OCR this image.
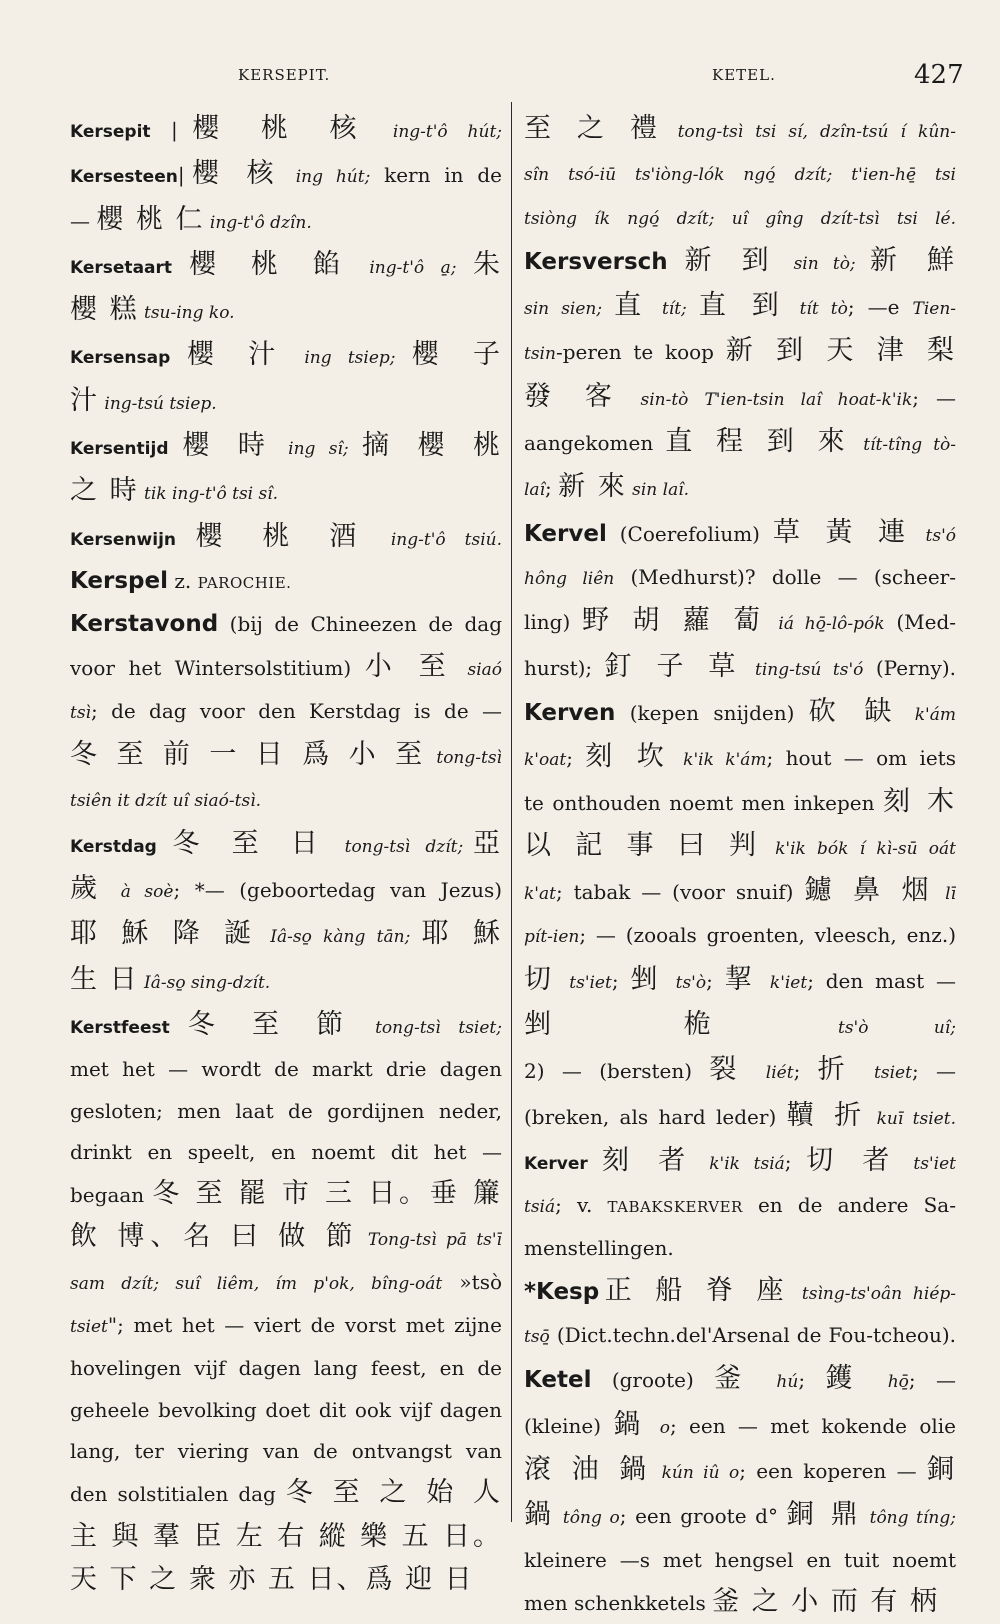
KERSEPIT.	KETEL.	427

Kersepit |櫻 桃 核 ing-t'ô hút;

Kersesteen|櫻 核 ing hút; kern in de

— 櫻 桃 仁 ing-t'ô dzîn.

Kersetaart 櫻 桃 餡 ing-t'ô a̱; 朱

櫻 糕 tsu-ing ko.

Kersensap 櫻 汁 ing tsiep; 櫻 子

汁 ing-tsú tsiep.

Kersentijd 櫻 時 ing sî; 摘 櫻 桃

之 時 tik ing-t'ô tsi sî.

Kersenwijn 櫻 桃 酒 ing-t'ô tsiú.

Kerspel z. PAROCHIE.

Kerstavond (bij de Chineezen de dag

voor het Wintersolstitium) 小 至 siaó

tsì; de dag voor den Kerstdag is de —

冬 至 前 一 日 爲 小 至 tong-tsì

tsiên it dzít uî siaó-tsì.

Kerstdag 冬 至 日 tong-tsì dzít;亞

歲 à soè; *— (geboortedag van Jezus)

耶 穌 降 誕 Iâ-so̱ kàng tān; 耶 穌

生 日 Iâ-so̱ sing-dzít.

Kerstfeest 冬 至 節 tong-tsì tsiet;

met het — wordt de markt drie dagen

gesloten; men laat de gordijnen neder,

drinkt en speelt, en noemt dit het —

begaan 冬 至 罷 市 三 日。垂 簾

飲 博、名 曰 做 節 Tong-tsì pā ts'ī

sam dzít; suî liêm, ím p'ok, bîng-oát »tsò

tsiet"; met het — viert de vorst met zijne

hovelingen vijf dagen lang feest, en de

geheele bevolking doet dit ook vijf dagen

lang, ter viering van de ontvangst van

den solstitialen dag 冬 至 之 始 人

主 與 羣 臣 左 右 縱 樂 五 日。

天 下 之 衆 亦 五 日、爲 迎 日

至 之 禮 tong-tsì tsi sí, dzîn-tsú í kûn-

sîn tsó-iū ts'iòng-lók ngó̱ dzít; t'ien-hē̱ tsi

tsiòng ík ngó̱ dzít; uî gîng dzít-tsì tsi lé.

Kersversch 新 到 sin tò; 新 鮮

sin sien; 直 tít; 直 到 tít tò; —e Tien-

tsin-peren te koop 新 到 天 津 梨

發 客 sin-tò T'ien-tsin laî hoat-k'ik; —

aangekomen 直 程 到 來 tít-tîng tò-

laî; 新 來 sin laî.

Kervel (Coerefolium) 草 黃 連 ts'ó

hông liên (Medhurst)? dolle — (scheer-

ling) 野 胡 蘿 蔔 iá hō̱-lô-pók (Med-

hurst); 釘 子 草 ting-tsú ts'ó (Perny).

Kerven (kepen snijden) 砍 缺 k'ám

k'oat; 刻 坎 k'ik k'ám; hout — om iets

te onthouden noemt men inkepen 刻 木

以 記 事 曰 判 k'ik bók í kì-sū oát

k'at; tabak — (voor snuif) 鑢 鼻 烟 lī

pít-ien; — (zooals groenten, vleesch, enz.)

切 ts'iet; 剉 ts'ò; 挈 k'iet; den mast —

剉 桅 ts'ò uî;

2) — (bersten) 裂 liét; 折 tsiet; —

(breken, als hard leder) 韇 折 kuī tsiet.

Kerver 刻 者 k'ik tsiá; 切 者 ts'iet

tsiá; v. TABAKSKERVER en de andere Sa-

menstellingen.

*Kesp正 船 脊 座 tsìng-ts'oân hiép-

tsō̱ (Dict.techn.del'Arsenal de Fou-tcheou).

Ketel (groote) 釜 hú; 鑊 hō̱; —

(kleine) 鍋 o; een — met kokende olie

滾 油 鍋 kún iû o; een koperen — 銅

鍋 tông o; een groote d° 銅 鼎 tông tíng;

kleinere —s met hengsel en tuit noemt

men schenkketels 釜 之 小 而 有 柄
